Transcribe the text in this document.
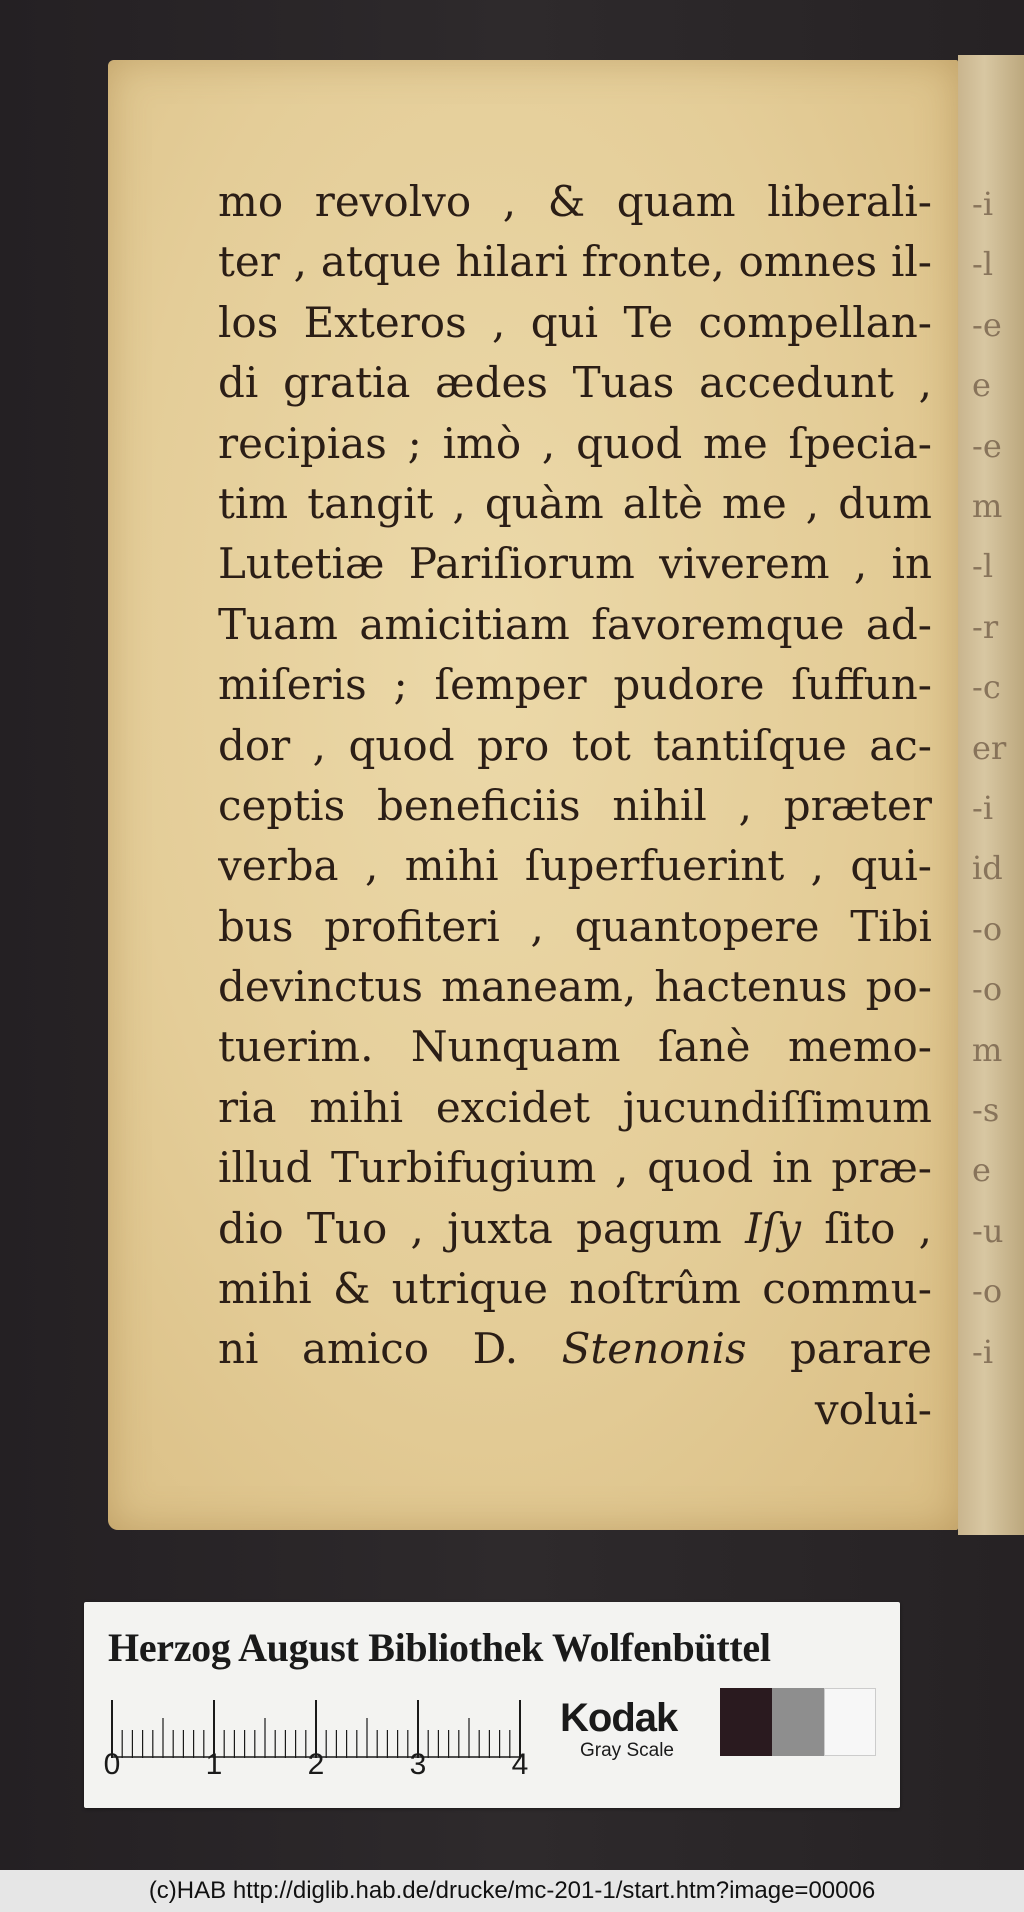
-i
-l
-e
e
-e
m
-l
-r
-c
er
-i
id
-o
-o
m
-s
e
-u
-o
-i
mo revolvo , & quam liberali-
ter , atque hilari fronte, omnes il-
los Exteros , qui Te compellan-
di gratia ædes Tuas accedunt ,
recipias ; imò , quod me ſpecia-
tim tangit , quàm altè me , dum
Lutetiæ Pariſiorum viverem , in
Tuam amicitiam favoremque ad-
miſeris ; ſemper pudore ſuffun-
dor , quod pro tot tantiſque ac-
ceptis beneficiis nihil , præter
verba , mihi ſuperfuerint , qui-
bus profiteri , quantopere Tibi
devinctus maneam, hactenus po-
tuerim. Nunquam ſanè memo-
ria mihi excidet jucundiſſimum
illud Turbifugium , quod in præ-
dio Tuo , juxta pagum Iſy ſito ,
mihi & utrique noſtrûm commu-
ni amico D. Stenonis parare
volui-
Herzog August Bibliothek Wolfenbüttel
0	1	2	3	4
Kodak
Gray Scale
(c)HAB http://diglib.hab.de/drucke/mc-201-1/start.htm?image=00006
